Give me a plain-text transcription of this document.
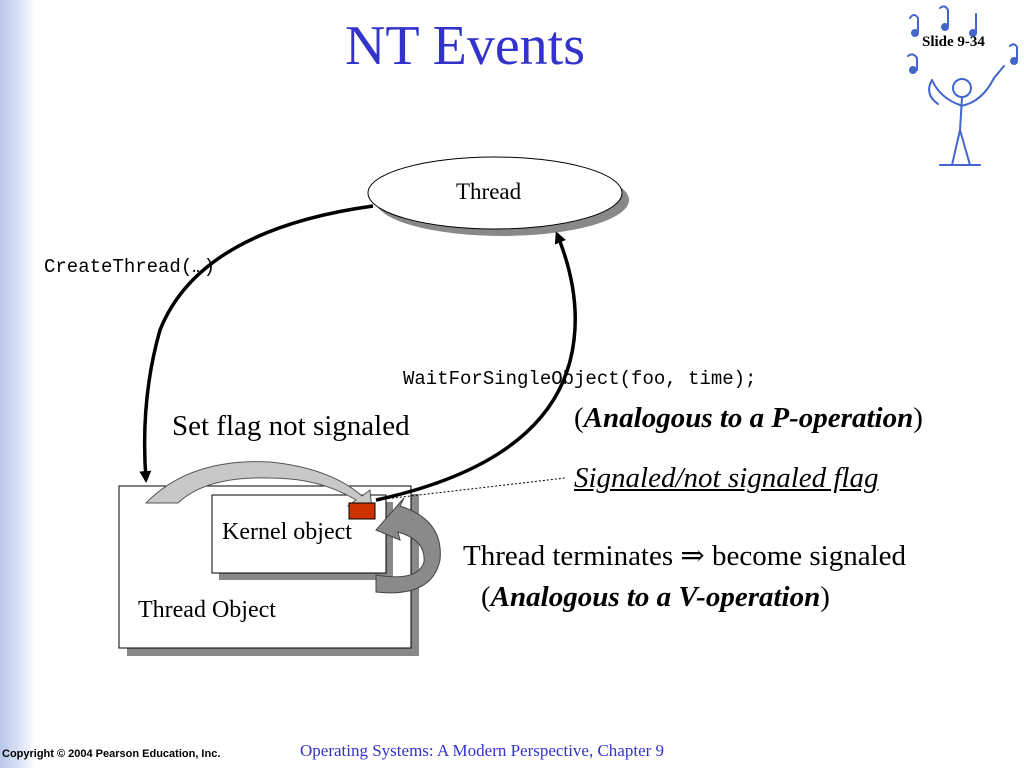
NT Events	Slide 9-34
Thread
CreateThread(…)
WaitForSingleObject(foo, time);
Set flag not signaled	(Analogous to a P-operation)
Signaled/not signaled flag
Thread terminates ⇒ become signaled
(Analogous to a V-operation)
Kernel object
Thread Object
Copyright © 2004 Pearson Education, Inc.	Operating Systems: A Modern Perspective, Chapter 9
